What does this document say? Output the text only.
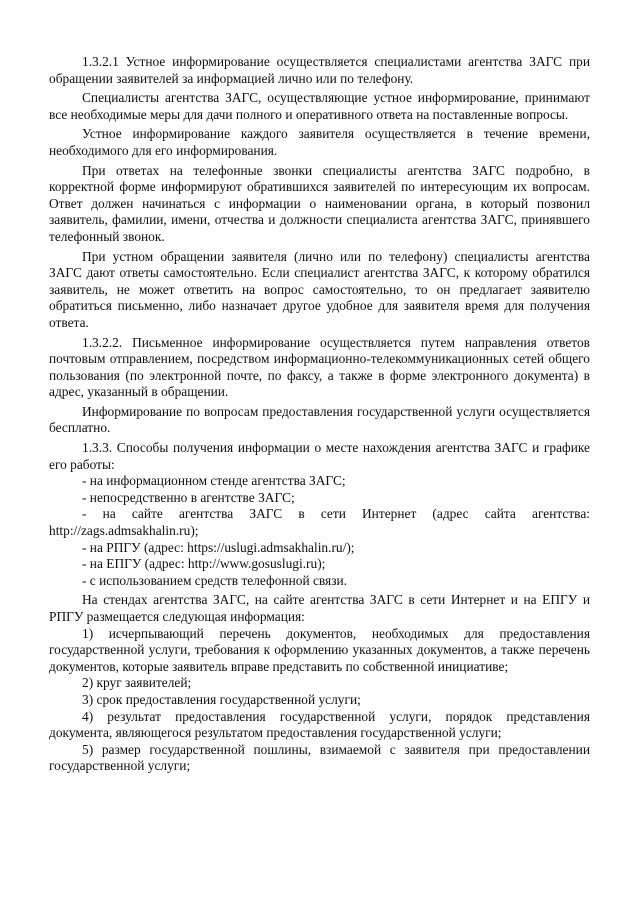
1.3.2.1 Устное информирование осуществляется специалистами агентства ЗАГС при обращении заявителей за информацией лично или по телефону.

Специалисты агентства ЗАГС, осуществляющие устное информирование, принимают все необходимые меры для дачи полного и оперативного ответа на поставленные вопросы.

Устное информирование каждого заявителя осуществляется в течение времени, необходимого для его информирования.

При ответах на телефонные звонки специалисты агентства ЗАГС подробно, в корректной форме информируют обратившихся заявителей по интересующим их вопросам. Ответ должен начинаться с информации о наименовании органа, в который позвонил заявитель, фамилии, имени, отчества и должности специалиста агентства ЗАГС, принявшего телефонный звонок.

При устном обращении заявителя (лично или по телефону) специалисты агентства ЗАГС дают ответы самостоятельно. Если специалист агентства ЗАГС, к которому обратился заявитель, не может ответить на вопрос самостоятельно, то он предлагает заявителю обратиться письменно, либо назначает другое удобное для заявителя время для получения ответа.

1.3.2.2. Письменное информирование осуществляется путем направления ответов почтовым отправлением, посредством информационно-телекоммуникационных сетей общего пользования (по электронной почте, по факсу, а также в форме электронного документа) в адрес, указанный в обращении.

Информирование по вопросам предоставления государственной услуги осуществляется бесплатно.

1.3.3. Способы получения информации о месте нахождения агентства ЗАГС и графике его работы:

- на информационном стенде агентства ЗАГС;

- непосредственно в агентстве ЗАГС;

- на сайте агентства ЗАГС в сети Интернет (адрес сайта агентства: http://zags.admsakhalin.ru);

- на РПГУ (адрес: https://uslugi.admsakhalin.ru/);

- на ЕПГУ (адрес: http://www.gosuslugi.ru);

- с использованием средств телефонной связи.

На стендах агентства ЗАГС, на сайте агентства ЗАГС в сети Интернет и на ЕПГУ и РПГУ размещается следующая информация:

1) исчерпывающий перечень документов, необходимых для предоставления государственной услуги, требования к оформлению указанных документов, а также перечень документов, которые заявитель вправе представить по собственной инициативе;

2) круг заявителей;

3) срок предоставления государственной услуги;

4) результат предоставления государственной услуги, порядок представления документа, являющегося результатом предоставления государственной услуги;

5) размер государственной пошлины, взимаемой с заявителя при предоставлении государственной услуги;
